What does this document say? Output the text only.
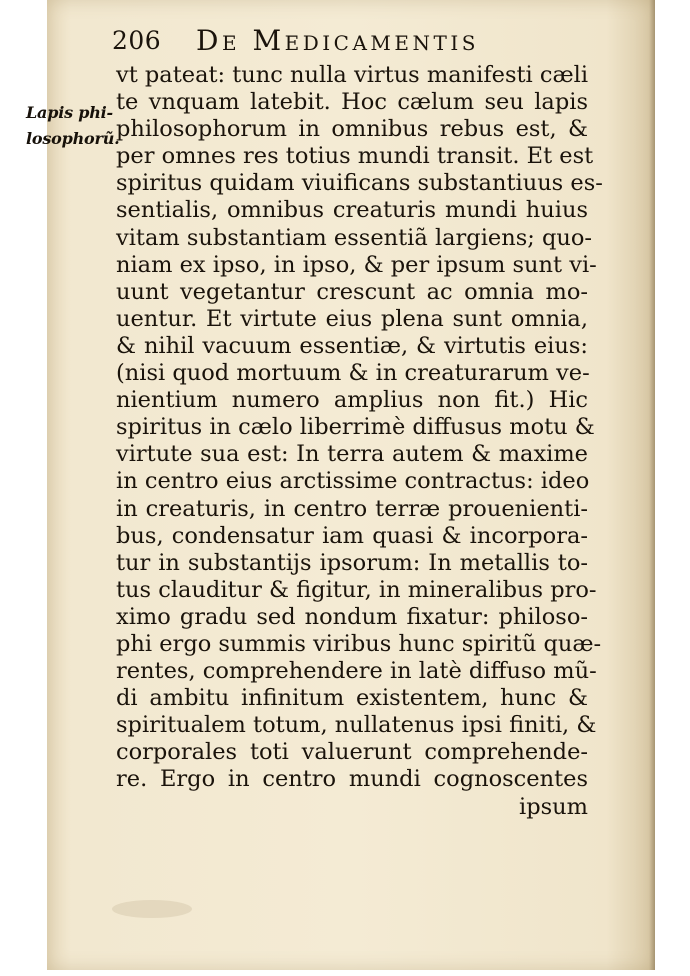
206 De Medicamentis
Lapis phi-
losophorũ.
vt pateat: tunc nulla virtus manifesti cæli
te vnquam latebit. Hoc cælum seu lapis
philosophorum in omnibus rebus est, &
per omnes res totius mundi transit. Et est
spiritus quidam viuificans substantiuus es-
sentialis, omnibus creaturis mundi huius
vitam substantiam essentiã largiens; quo-
niam ex ipso, in ipso, & per ipsum sunt vi-
uunt vegetantur crescunt ac omnia mo-
uentur. Et virtute eius plena sunt omnia,
& nihil vacuum essentiæ, & virtutis eius:
(nisi quod mortuum & in creaturarum ve-
nientium numero amplius non fit.) Hic
spiritus in cælo liberrimè diffusus motu &
virtute sua est: In terra autem & maxime
in centro eius arctissime contractus: ideo
in creaturis, in centro terræ prouenienti-
bus, condensatur iam quasi & incorpora-
tur in substantijs ipsorum: In metallis to-
tus clauditur & figitur, in mineralibus pro-
ximo gradu sed nondum fixatur: philoso-
phi ergo summis viribus hunc spiritũ quæ-
rentes, comprehendere in latè diffuso mũ-
di ambitu infinitum existentem, hunc &
spiritualem totum, nullatenus ipsi finiti, &
corporales toti valuerunt comprehende-
re. Ergo in centro mundi cognoscentes
ipsum
